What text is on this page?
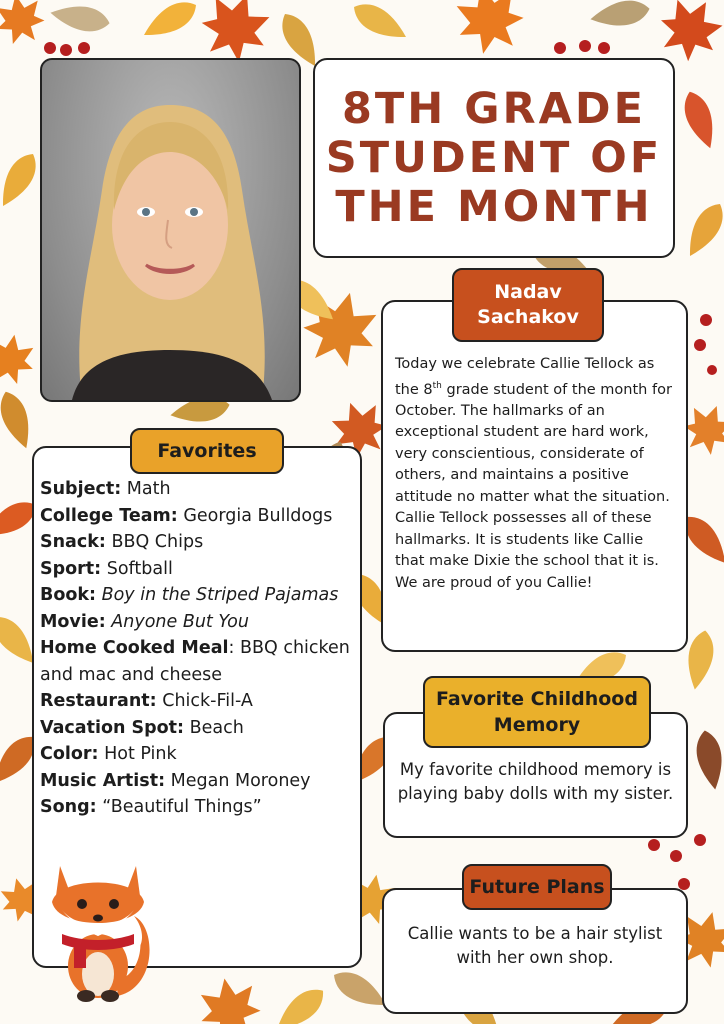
8TH GRADE STUDENT OF THE MONTH

Today we celebrate Callie Tellock as the 8th grade student of the month for October. The hallmarks of an exceptional student are hard work, very conscientious, considerate of others, and maintains a positive attitude no matter what the situation. Callie Tellock possesses all of these hallmarks. It is students like Callie that make Dixie the school that it is. We are proud of you Callie!

Nadav Sachakov
Subject: Math
College Team: Georgia Bulldogs
Snack: BBQ Chips
Sport: Softball
Book: Boy in the Striped Pajamas
Movie: Anyone But You
Home Cooked Meal: BBQ chicken and mac and cheese
Restaurant: Chick-Fil-A
Vacation Spot: Beach
Color: Hot Pink
Music Artist: Megan Moroney
Song: “Beautiful Things”
Favorites

My favorite childhood memory is playing baby dolls with my sister.

Favorite Childhood Memory

Callie wants to be a hair stylist with her own shop.

Future Plans
